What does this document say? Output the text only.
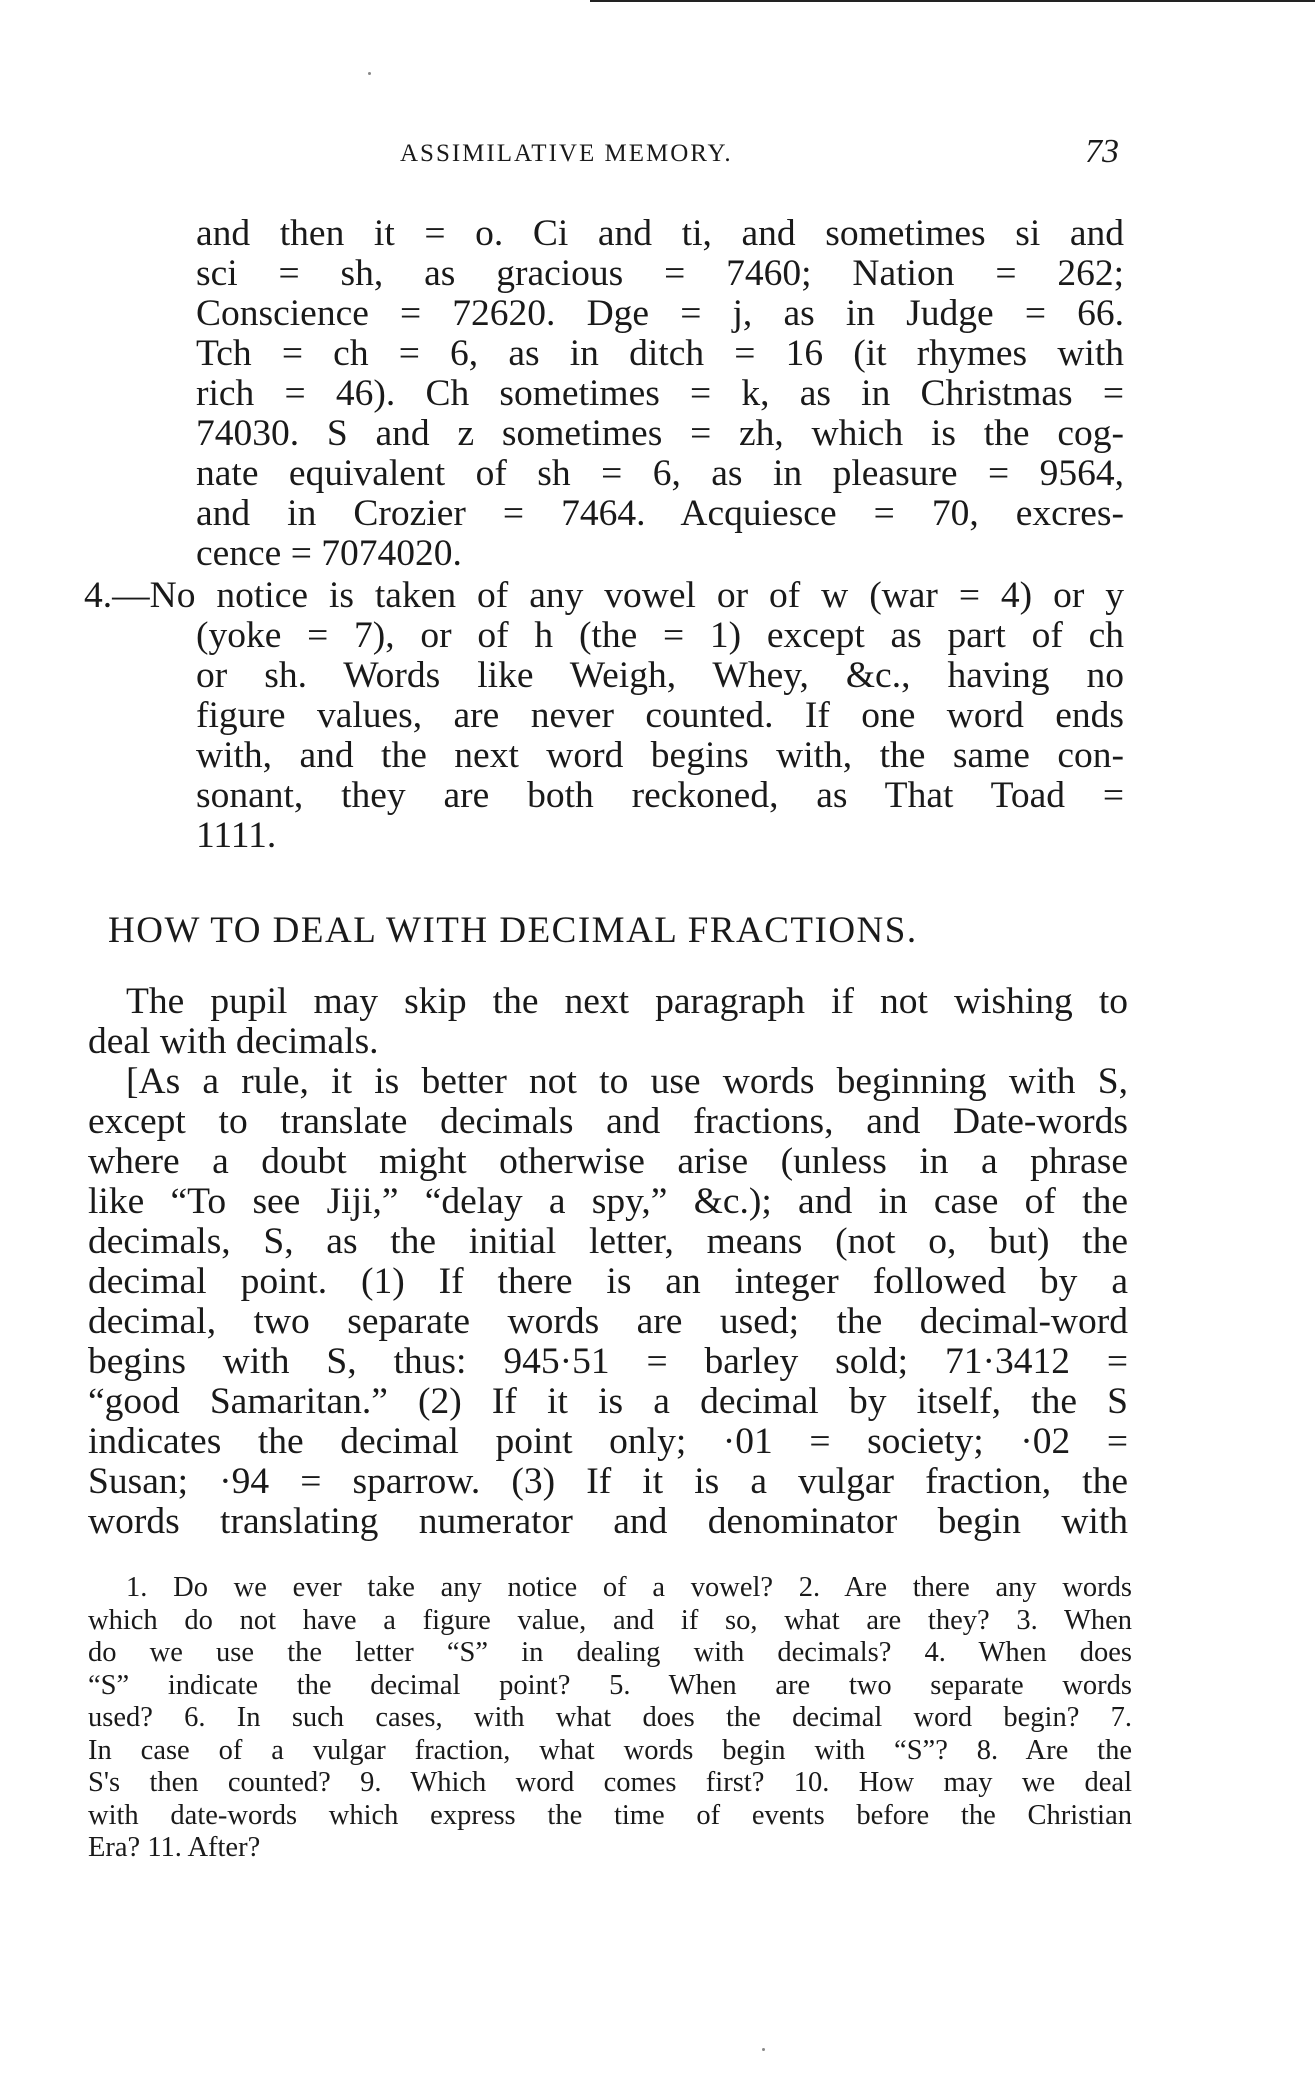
ASSIMILATIVE MEMORY.	73
and then it = o. Ci and ti, and sometimes si and
sci = sh, as gracious = 7460; Nation = 262;
Conscience = 72620. Dge = j, as in Judge = 66.
Tch = ch = 6, as in ditch = 16 (it rhymes with
rich = 46). Ch sometimes = k, as in Christmas =
74030. S and z sometimes = zh, which is the cog-
nate equivalent of sh = 6, as in pleasure = 9564,
and in Crozier = 7464. Acquiesce = 70, excres-
cence = 7074020.
4.—No notice is taken of any vowel or of w (war = 4) or y
(yoke = 7), or of h (the = 1) except as part of ch
or sh. Words like Weigh, Whey, &c., having no
figure values, are never counted. If one word ends
with, and the next word begins with, the same con-
sonant, they are both reckoned, as That Toad =
1111.
HOW TO DEAL WITH DECIMAL FRACTIONS.
The pupil may skip the next paragraph if not wishing to
deal with decimals.
[As a rule, it is better not to use words beginning with S,
except to translate decimals and fractions, and Date-words
where a doubt might otherwise arise (unless in a phrase
like “To see Jiji,” “delay a spy,” &c.); and in case of the
decimals, S, as the initial letter, means (not o, but) the
decimal point. (1) If there is an integer followed by a
decimal, two separate words are used; the decimal-word
begins with S, thus: 945·51 = barley sold; 71·3412 =
“good Samaritan.” (2) If it is a decimal by itself, the S
indicates the decimal point only; ·01 = society; ·02 =
Susan; ·94 = sparrow. (3) If it is a vulgar fraction, the
words translating numerator and denominator begin with
1. Do we ever take any notice of a vowel? 2. Are there any words
which do not have a figure value, and if so, what are they? 3. When
do we use the letter “S” in dealing with decimals? 4. When does
“S” indicate the decimal point? 5. When are two separate words
used? 6. In such cases, with what does the decimal word begin? 7.
In case of a vulgar fraction, what words begin with “S”? 8. Are the
S's then counted? 9. Which word comes first? 10. How may we deal
with date-words which express the time of events before the Christian
Era? 11. After?
